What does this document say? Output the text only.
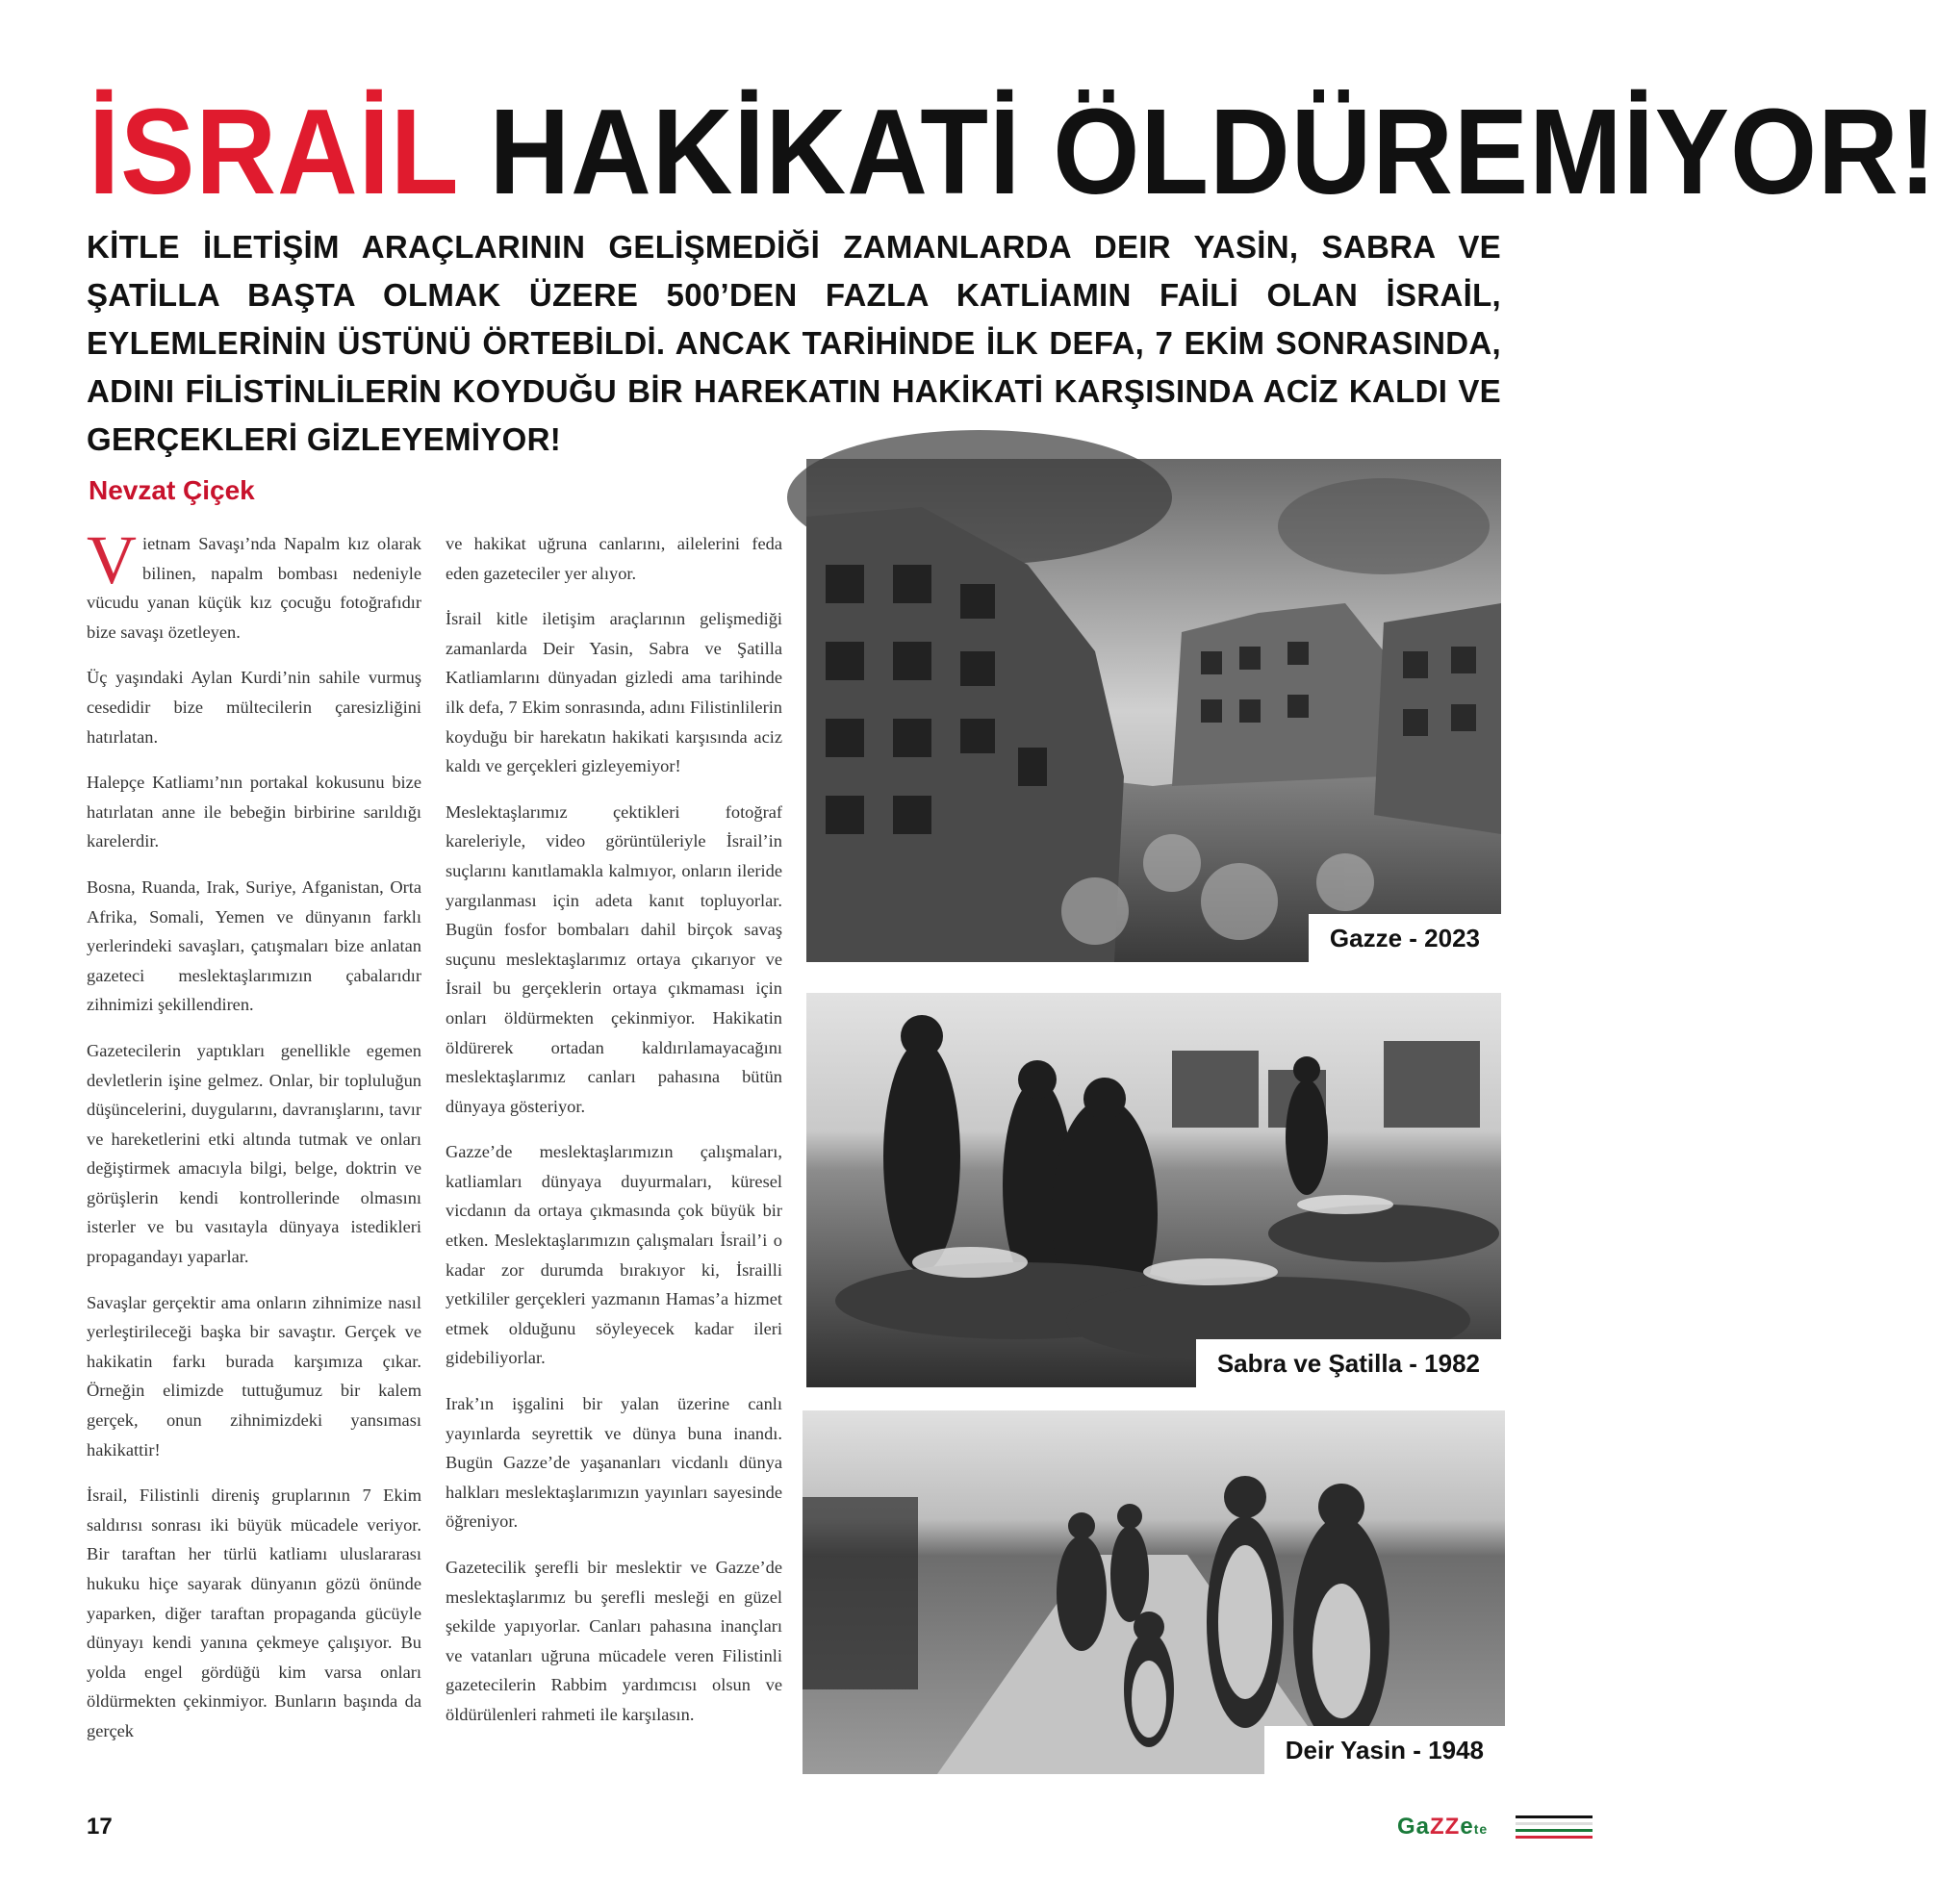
İSRAİL HAKİKATİ ÖLDÜREMİYOR!
KİTLE İLETİŞİM ARAÇLARININ GELİŞMEDİĞİ ZAMANLARDA DEIR YASİN, SABRA VE ŞATİLLA BAŞTA OLMAK ÜZERE 500’DEN FAZLA KATLİAMIN FAİLİ OLAN İSRAİL, EYLEMLERİNİN ÜSTÜNÜ ÖRTEBİLDİ. ANCAK TARİHİNDE İLK DEFA, 7 EKİM SONRASINDA, ADINI FİLİSTİNLİLERİN KOYDUĞU BİR HAREKATIN HAKİKATİ KARŞISINDA ACİZ KALDI VE GERÇEKLERİ GİZLEYEMİYOR!
Nevzat Çiçek

Vietnam Savaşı’nda Napalm kız olarak bilinen, napalm bombası nedeniyle vücudu yanan küçük kız çocuğu fotoğrafıdır bize savaşı özetleyen.

Üç yaşındaki Aylan Kurdi’nin sahile vurmuş cesedidir bize mültecilerin çaresizliğini hatırlatan.

Halepçe Katliamı’nın portakal kokusunu bize hatırlatan anne ile bebeğin birbirine sarıldığı karelerdir.

Bosna, Ruanda, Irak, Suriye, Afganistan, Orta Afrika, Somali, Yemen ve dünyanın farklı yerlerindeki savaşları, çatışmaları bize anlatan gazeteci meslektaşlarımızın çabalarıdır zihnimizi şekillendiren.

Gazetecilerin yaptıkları genellikle egemen devletlerin işine gelmez. Onlar, bir topluluğun düşüncelerini, duygularını, davranışlarını, tavır ve hareketlerini etki altında tutmak ve onları değiştirmek amacıyla bilgi, belge, doktrin ve görüşlerin kendi kontrollerinde olmasını isterler ve bu vasıtayla dünyaya istedikleri propagandayı yaparlar.

Savaşlar gerçektir ama onların zihnimize nasıl yerleştirileceği başka bir savaştır. Gerçek ve hakikatin farkı burada karşımıza çıkar. Örneğin elimizde tuttuğumuz bir kalem gerçek, onun zihnimizdeki yansıması hakikattir!

İsrail, Filistinli direniş gruplarının 7 Ekim saldırısı sonrası iki büyük mücadele veriyor. Bir taraftan her türlü katliamı uluslararası hukuku hiçe sayarak dünyanın gözü önünde yaparken, diğer taraftan propaganda gücüyle dünyayı kendi yanına çekmeye çalışıyor. Bu yolda engel gördüğü kim varsa onları öldürmekten çekinmiyor. Bunların başında da gerçek

ve hakikat uğruna canlarını, ailelerini feda eden gazeteciler yer alıyor.

İsrail kitle iletişim araçlarının gelişmediği zamanlarda Deir Yasin, Sabra ve Şatilla Katliamlarını dünyadan gizledi ama tarihinde ilk defa, 7 Ekim sonrasında, adını Filistinlilerin koyduğu bir harekatın hakikati karşısında aciz kaldı ve gerçekleri gizleyemiyor!

Meslektaşlarımız çektikleri fotoğraf kareleriyle, video görüntüleriyle İsrail’in suçlarını kanıtlamakla kalmıyor, onların ileride yargılanması için adeta kanıt topluyorlar. Bugün fosfor bombaları dahil birçok savaş suçunu meslektaşlarımız ortaya çıkarıyor ve İsrail bu gerçeklerin ortaya çıkmaması için onları öldürmekten çekinmiyor. Hakikatin öldürerek ortadan kaldırılamayacağını meslektaşlarımız canları pahasına bütün dünyaya gösteriyor.

Gazze’de meslektaşlarımızın çalışmaları, katliamları dünyaya duyurmaları, küresel vicdanın da ortaya çıkmasında çok büyük bir etken. Meslektaşlarımızın çalışmaları İsrail’i o kadar zor durumda bırakıyor ki, İsrailli yetkililer gerçekleri yazmanın Hamas’a hizmet etmek olduğunu söyleyecek kadar ileri gidebiliyorlar.

Irak’ın işgalini bir yalan üzerine canlı yayınlarda seyrettik ve dünya buna inandı. Bugün Gazze’de yaşananları vicdanlı dünya halkları meslektaşlarımızın yayınları sayesinde öğreniyor.

Gazetecilik şerefli bir meslektir ve Gazze’de meslektaşlarımız bu şerefli mesleği en güzel şekilde yapıyorlar. Canları pahasına inançları ve vatanları uğruna mücadele veren Filistinli gazetecilerin Rabbim yardımcısı olsun ve öldürülenleri rahmeti ile karşılasın.

Gazze - 2023
Sabra ve Şatilla - 1982
Deir Yasin - 1948
17	GaZZete
